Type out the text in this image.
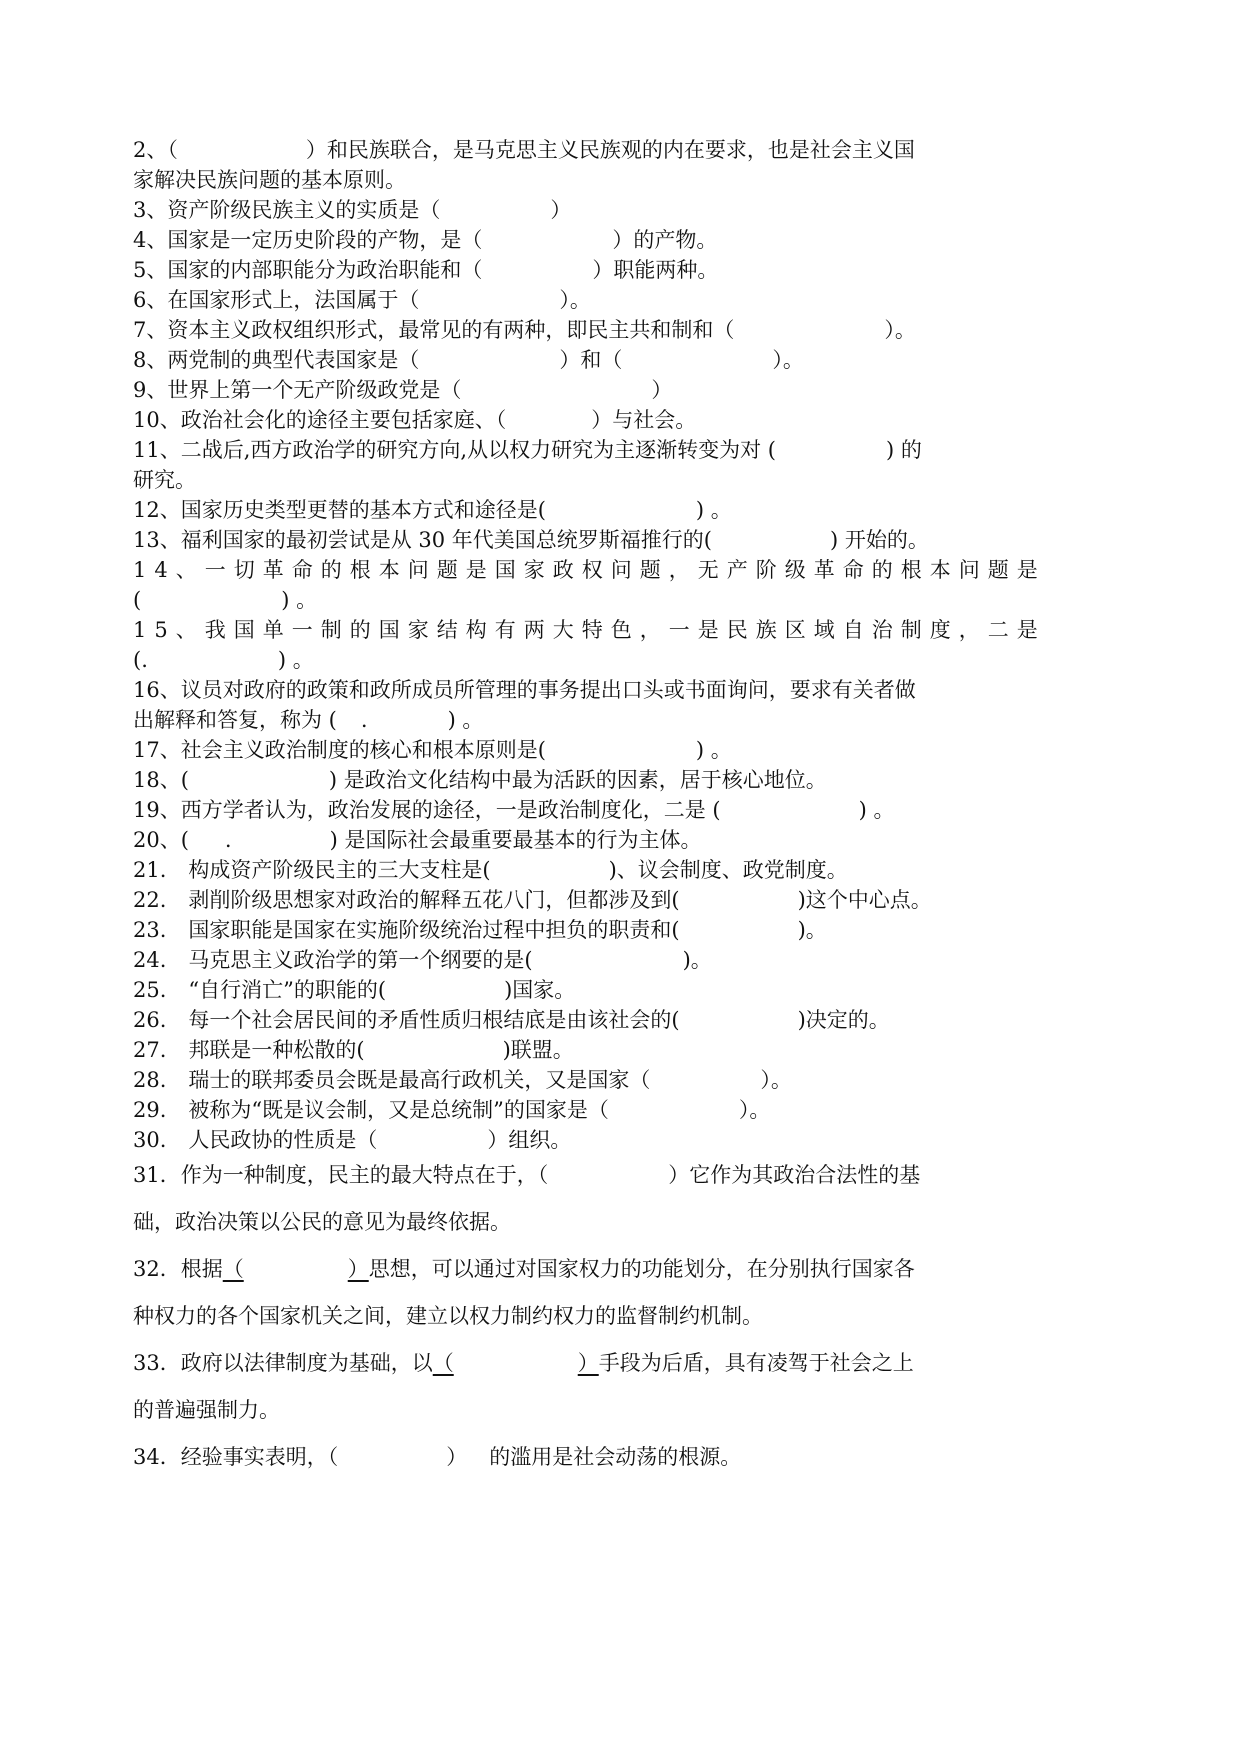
2、（	）和民族联合，是马克思主义民族观的内在要求，也是社会主义国
家解决民族问题的基本原则。
3、资产阶级民族主义的实质是（	）
4、国家是一定历史阶段的产物，是（	）的产物。
5、国家的内部职能分为政治职能和（	）职能两种。
6、在国家形式上，法国属于（	）。
7、资本主义政权组织形式，最常见的有两种，即民主共和制和（	）。
8、两党制的典型代表国家是（	）和（	）。
9、世界上第一个无产阶级政党是（	）
10、政治社会化的途径主要包括家庭、（	）与社会。
11、二战后,西方政治学的研究方向,从以权力研究为主逐渐转变为对 (	) 的
研究。
12、国家历史类型更替的基本方式和途径是(	) 。
13、福利国家的最初尝试是从 30 年代美国总统罗斯福推行的(	) 开始的。
14、一切革命的根本问题是国家政权问题，无产阶级革命的根本问题是
(	) 。
15、我国单一制的国家结构有两大特色，一是民族区域自治制度，二是
(.	) 。
16、议员对政府的政策和政所成员所管理的事务提出口头或书面询问，要求有关者做
出解释和答复，称为 ( .	) 。
17、社会主义政治制度的核心和根本原则是(	) 。
18、(	) 是政治文化结构中最为活跃的因素，居于核心地位。
19、西方学者认为，政治发展的途径，一是政治制度化，二是 (	) 。
20、( .	) 是国际社会最重要最基本的行为主体。
21. 构成资产阶级民主的三大支柱是(	)、议会制度、政党制度。
22. 剥削阶级思想家对政治的解释五花八门，但都涉及到(	)这个中心点。
23. 国家职能是国家在实施阶级统治过程中担负的职责和(	)。
24. 马克思主义政治学的第一个纲要的是(	)。
25. “自行消亡”的职能的(	)国家。
26. 每一个社会居民间的矛盾性质归根结底是由该社会的(	)决定的。
27. 邦联是一种松散的(	)联盟。
28. 瑞士的联邦委员会既是最高行政机关，又是国家（	）。
29. 被称为“既是议会制，又是总统制”的国家是（	）。
30. 人民政协的性质是（	）组织。
31．作为一种制度，民主的最大特点在于，（	）它作为其政治合法性的基
础，政治决策以公民的意见为最终依据。
32．根据（	）思想，可以通过对国家权力的功能划分，在分别执行国家各
种权力的各个国家机关之间，建立以权力制约权力的监督制约机制。
33．政府以法律制度为基础，以（	）手段为后盾，具有凌驾于社会之上
的普遍强制力。
34．经验事实表明，（	） 的滥用是社会动荡的根源。
